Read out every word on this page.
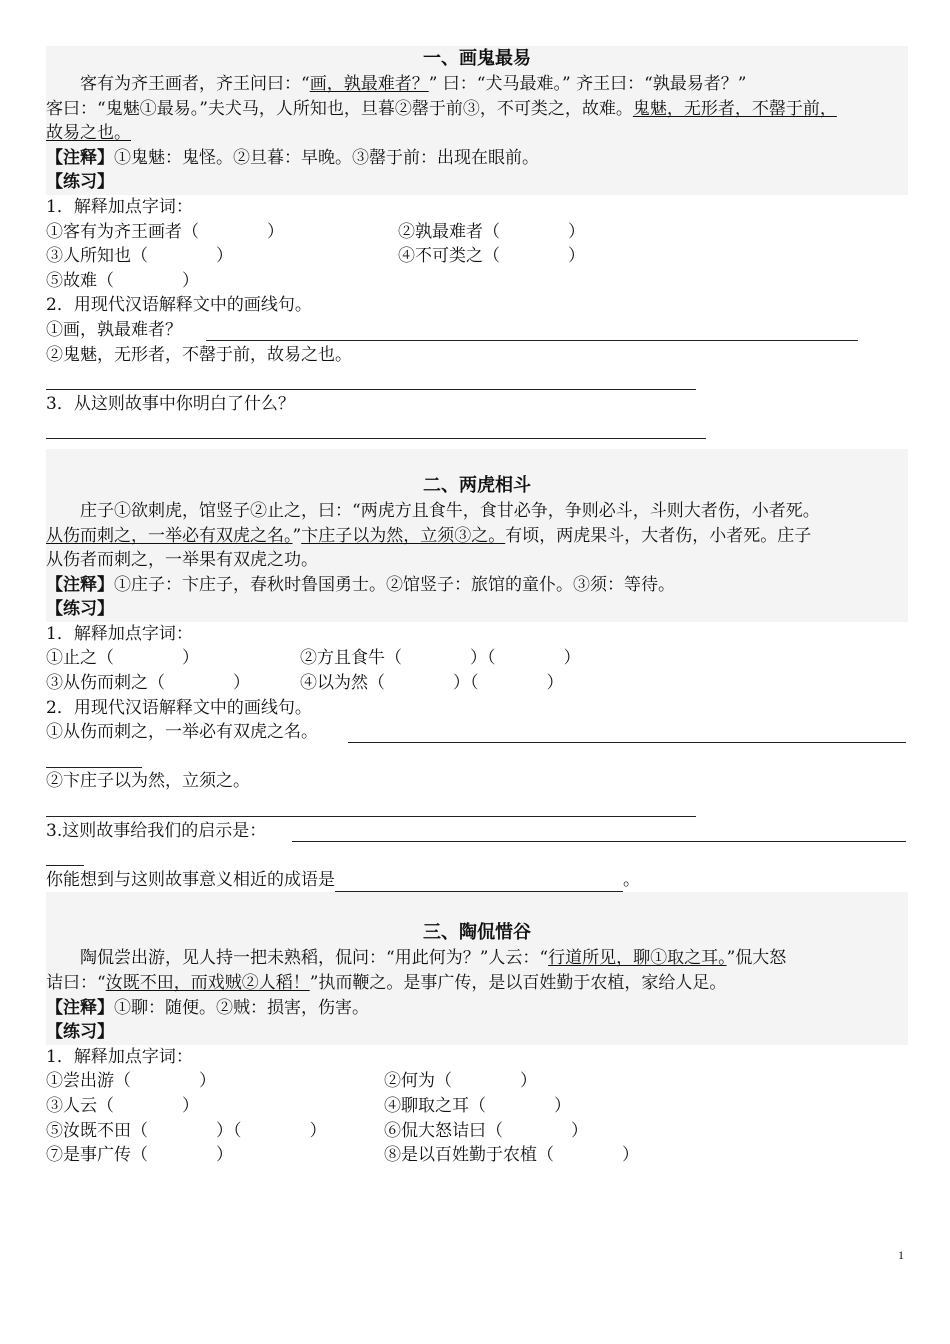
一、画鬼最易
客有为齐王画者，齐王问曰：“画，孰最难者？” 曰：“犬马最难。” 齐王曰：“孰最易者？”
客曰：“鬼魅①最易。”夫犬马，人所知也，旦暮②罄于前③，不可类之，故难。鬼魅，无形者，不罄于前，
故易之也。
【注释】①鬼魅：鬼怪。②旦暮：早晚。③罄于前：出现在眼前。
【练习】
1．解释加点字词：
①客有为齐王画者（　　　　）	②孰最难者（　　　　）
③人所知也（　　　　）	④不可类之（　　　　）
⑤故难（　　　　）
2．用现代汉语解释文中的画线句。
①画，孰最难者？
②鬼魅，无形者，不罄于前，故易之也。
3．从这则故事中你明白了什么？
二、两虎相斗
庄子①欲刺虎，馆竖子②止之，曰：“两虎方且食牛，食甘必争，争则必斗，斗则大者伤，小者死。
从伤而刺之，一举必有双虎之名。”卞庄子以为然，立须③之。有顷，两虎果斗，大者伤，小者死。庄子
从伤者而刺之，一举果有双虎之功。
【注释】①庄子：卞庄子，春秋时鲁国勇士。②馆竖子：旅馆的童仆。③须：等待。
【练习】
1．解释加点字词：
①止之（　　　　）	②方且食牛（　　　　）（　　　　）
③从伤而刺之（　　　　）	④以为然（　　　　）（　　　　）
2．用现代汉语解释文中的画线句。
①从伤而刺之，一举必有双虎之名。
②卞庄子以为然，立须之。
3.这则故事给我们的启示是：
你能想到与这则故事意义相近的成语是	。
三、陶侃惜谷
陶侃尝出游，见人持一把未熟稻，侃问：“用此何为？”人云：“行道所见，聊①取之耳。”侃大怒
诘曰：“汝既不田，而戏贼②人稻！”执而鞭之。是事广传，是以百姓勤于农植，家给人足。
【注释】①聊：随便。②贼：损害，伤害。
【练习】
1．解释加点字词：
①尝出游（　　　　）	②何为（　　　　）
③人云（　　　　）	④聊取之耳（　　　　）
⑤汝既不田（　　　　）（　　　　）	⑥侃大怒诘曰（　　　　）
⑦是事广传（　　　　）	⑧是以百姓勤于农植（　　　　）
1
